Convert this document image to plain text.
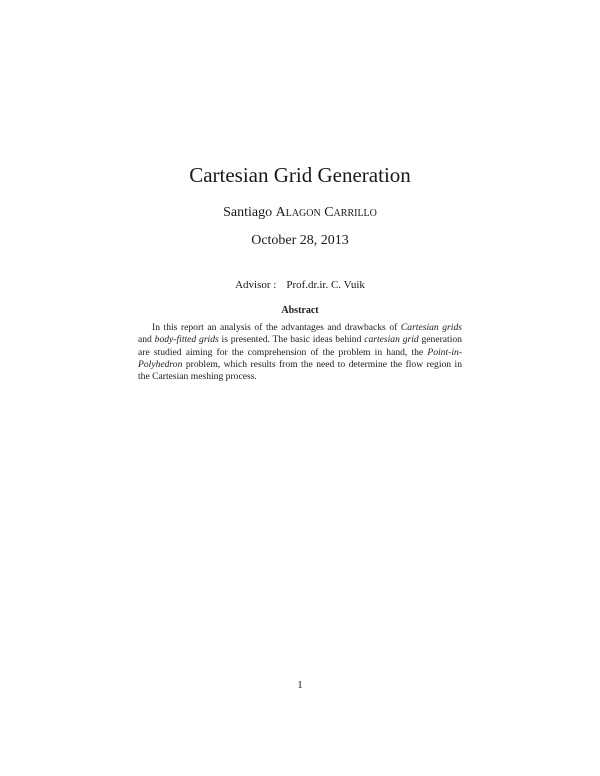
Cartesian Grid Generation
Santiago Alagon Carrillo
October 28, 2013
Advisor : Prof.dr.ir. C. Vuik
Abstract
In this report an analysis of the advantages and drawbacks of Cartesian grids and body-fitted grids is presented. The basic ideas behind cartesian grid generation are studied aiming for the comprehension of the problem in hand, the Point-in-Polyhedron problem, which results from the need to determine the flow region in the Cartesian meshing process.
1
